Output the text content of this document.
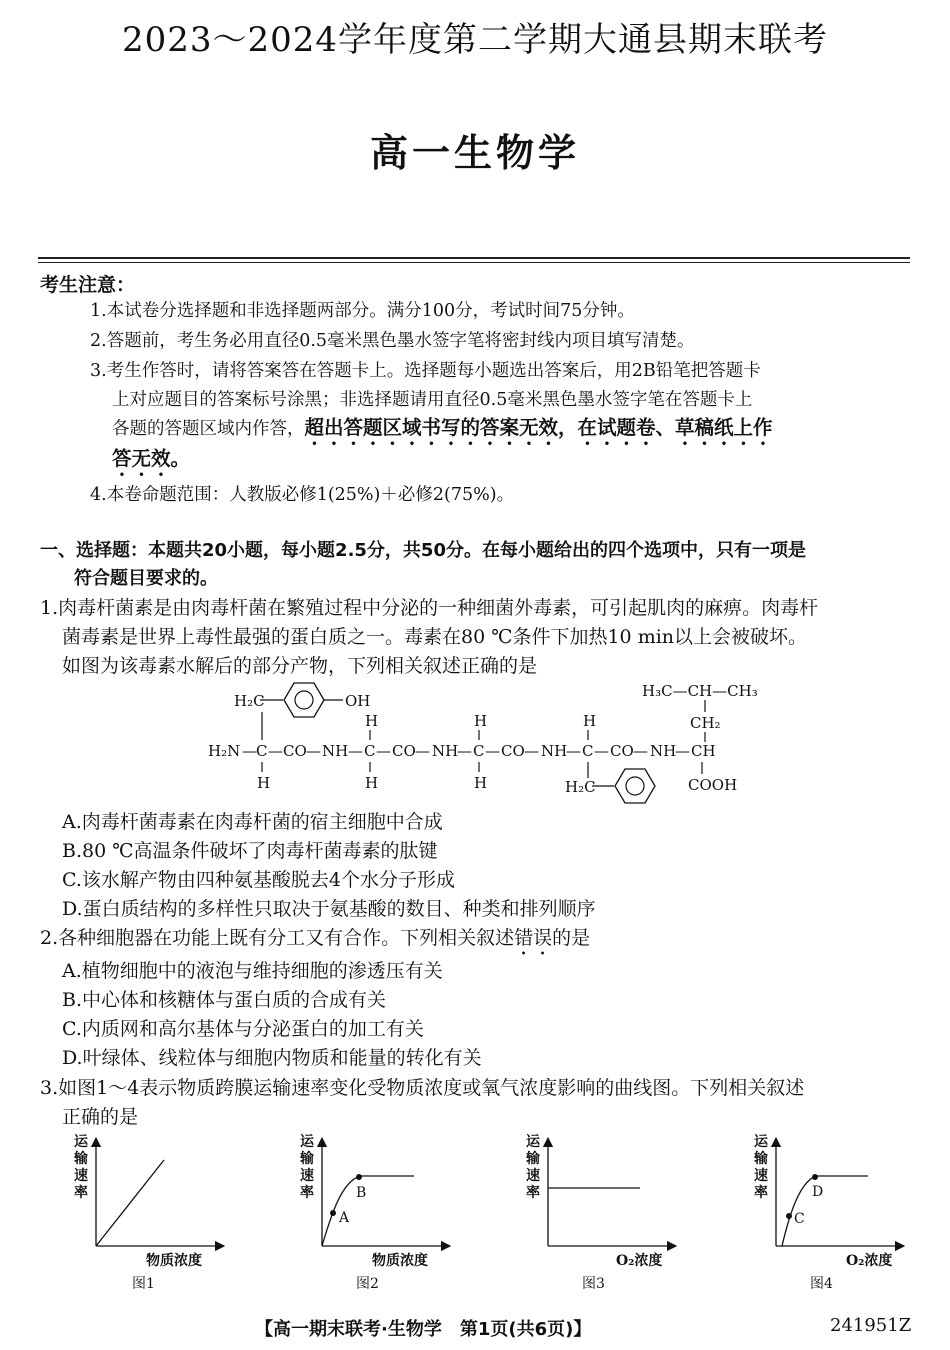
2023～2024学年度第二学期大通县期末联考
高一生物学
考生注意：
1.本试卷分选择题和非选择题两部分。满分100分，考试时间75分钟。
2.答题前，考生务必用直径0.5毫米黑色墨水签字笔将密封线内项目填写清楚。
3.考生作答时，请将答案答在答题卡上。选择题每小题选出答案后，用2B铅笔把答题卡
上对应题目的答案标号涂黑；非选择题请用直径0.5毫米黑色墨水签字笔在答题卡上
各题的答题区域内作答，超出答题区域书写的答案无效，在试题卷、草稿纸上作
答无效。
4.本卷命题范围：人教版必修1(25%)＋必修2(75%)。
一、选择题：本题共20小题，每小题2.5分，共50分。在每小题给出的四个选项中，只有一项是
符合题目要求的。
1.肉毒杆菌素是由肉毒杆菌在繁殖过程中分泌的一种细菌外毒素，可引起肌肉的麻痹。肉毒杆
菌毒素是世界上毒性最强的蛋白质之一。毒素在80 ℃条件下加热10 min以上会被破坏。
如图为该毒素水解后的部分产物，下列相关叙述正确的是
H₂C	OH
H₃C—CH—CH₃
CH₂
H	H	H
H₂N — C — CO — NH — C — CO — NH
— C — CO — NH
— C — CO — NH
— CH
H	H	H	H₂C	COOH
A.肉毒杆菌毒素在肉毒杆菌的宿主细胞中合成
B.80 ℃高温条件破坏了肉毒杆菌毒素的肽键
C.该水解产物由四种氨基酸脱去4个水分子形成
D.蛋白质结构的多样性只取决于氨基酸的数目、种类和排列顺序
2.各种细胞器在功能上既有分工又有合作。下列相关叙述错误的是
A.植物细胞中的液泡与维持细胞的渗透压有关
B.中心体和核糖体与蛋白质的合成有关
C.内质网和高尔基体与分泌蛋白的加工有关
D.叶绿体、线粒体与细胞内物质和能量的转化有关
3.如图1～4表示物质跨膜运输速率变化受物质浓度或氧气浓度影响的曲线图。下列相关叙述
正确的是
运
输
速
率
物质浓度
图1
运
输
速
率
A
B
物质浓度
图2
运
输
速
率
O₂浓度
图3
运
输
速
率
C
D
O₂浓度
图4
【高一期末联考·生物学　第1页(共6页)】	241951Z
